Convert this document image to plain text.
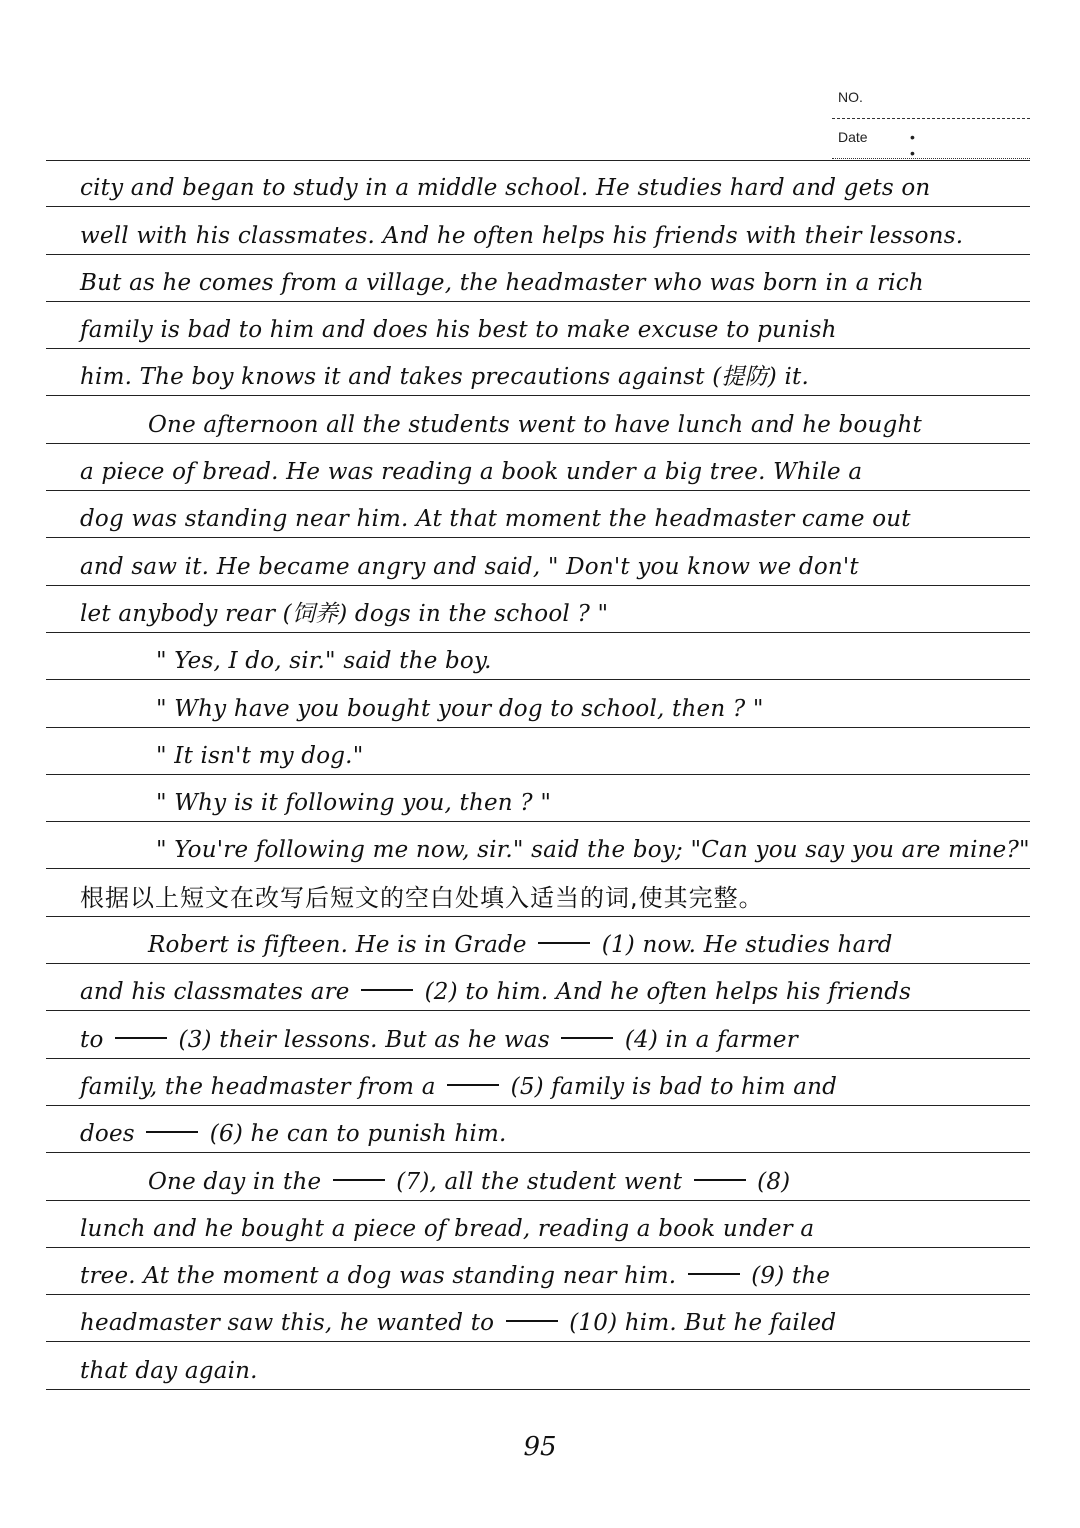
NO.
Date	• •
city and began to study in a middle school. He studies hard and gets on
well with his classmates. And he often helps his friends with their lessons.
But as he comes from a village, the headmaster who was born in a rich
family is bad to him and does his best to make excuse to punish
him. The boy knows it and takes precautions against (提防) it.
One afternoon all the students went to have lunch and he bought
a piece of bread. He was reading a book under a big tree. While a
dog was standing near him. At that moment the headmaster came out
and saw it. He became angry and said, " Don't you know we don't
let anybody rear (饲养) dogs in the school ? "
" Yes, I do, sir." said the boy.
" Why have you bought your dog to school, then ? "
" It isn't my dog."
" Why is it following you, then ? "
" You're following me now, sir." said the boy; "Can you say you are mine?"
根据以上短文在改写后短文的空白处填入适当的词,使其完整。
Robert is fifteen. He is in Grade	(1) now. He studies hard
and his classmates are	(2) to him. And he often helps his friends
to	(3) their lessons. But as he was	(4) in a farmer
family, the headmaster from a	(5) family is bad to him and
does	(6) he can to punish him.
One day in the	(7), all the student went	(8)
lunch and he bought a piece of bread, reading a book under a
tree. At the moment a dog was standing near him.	(9) the
headmaster saw this, he wanted to	(10) him. But he failed
that day again.
95
